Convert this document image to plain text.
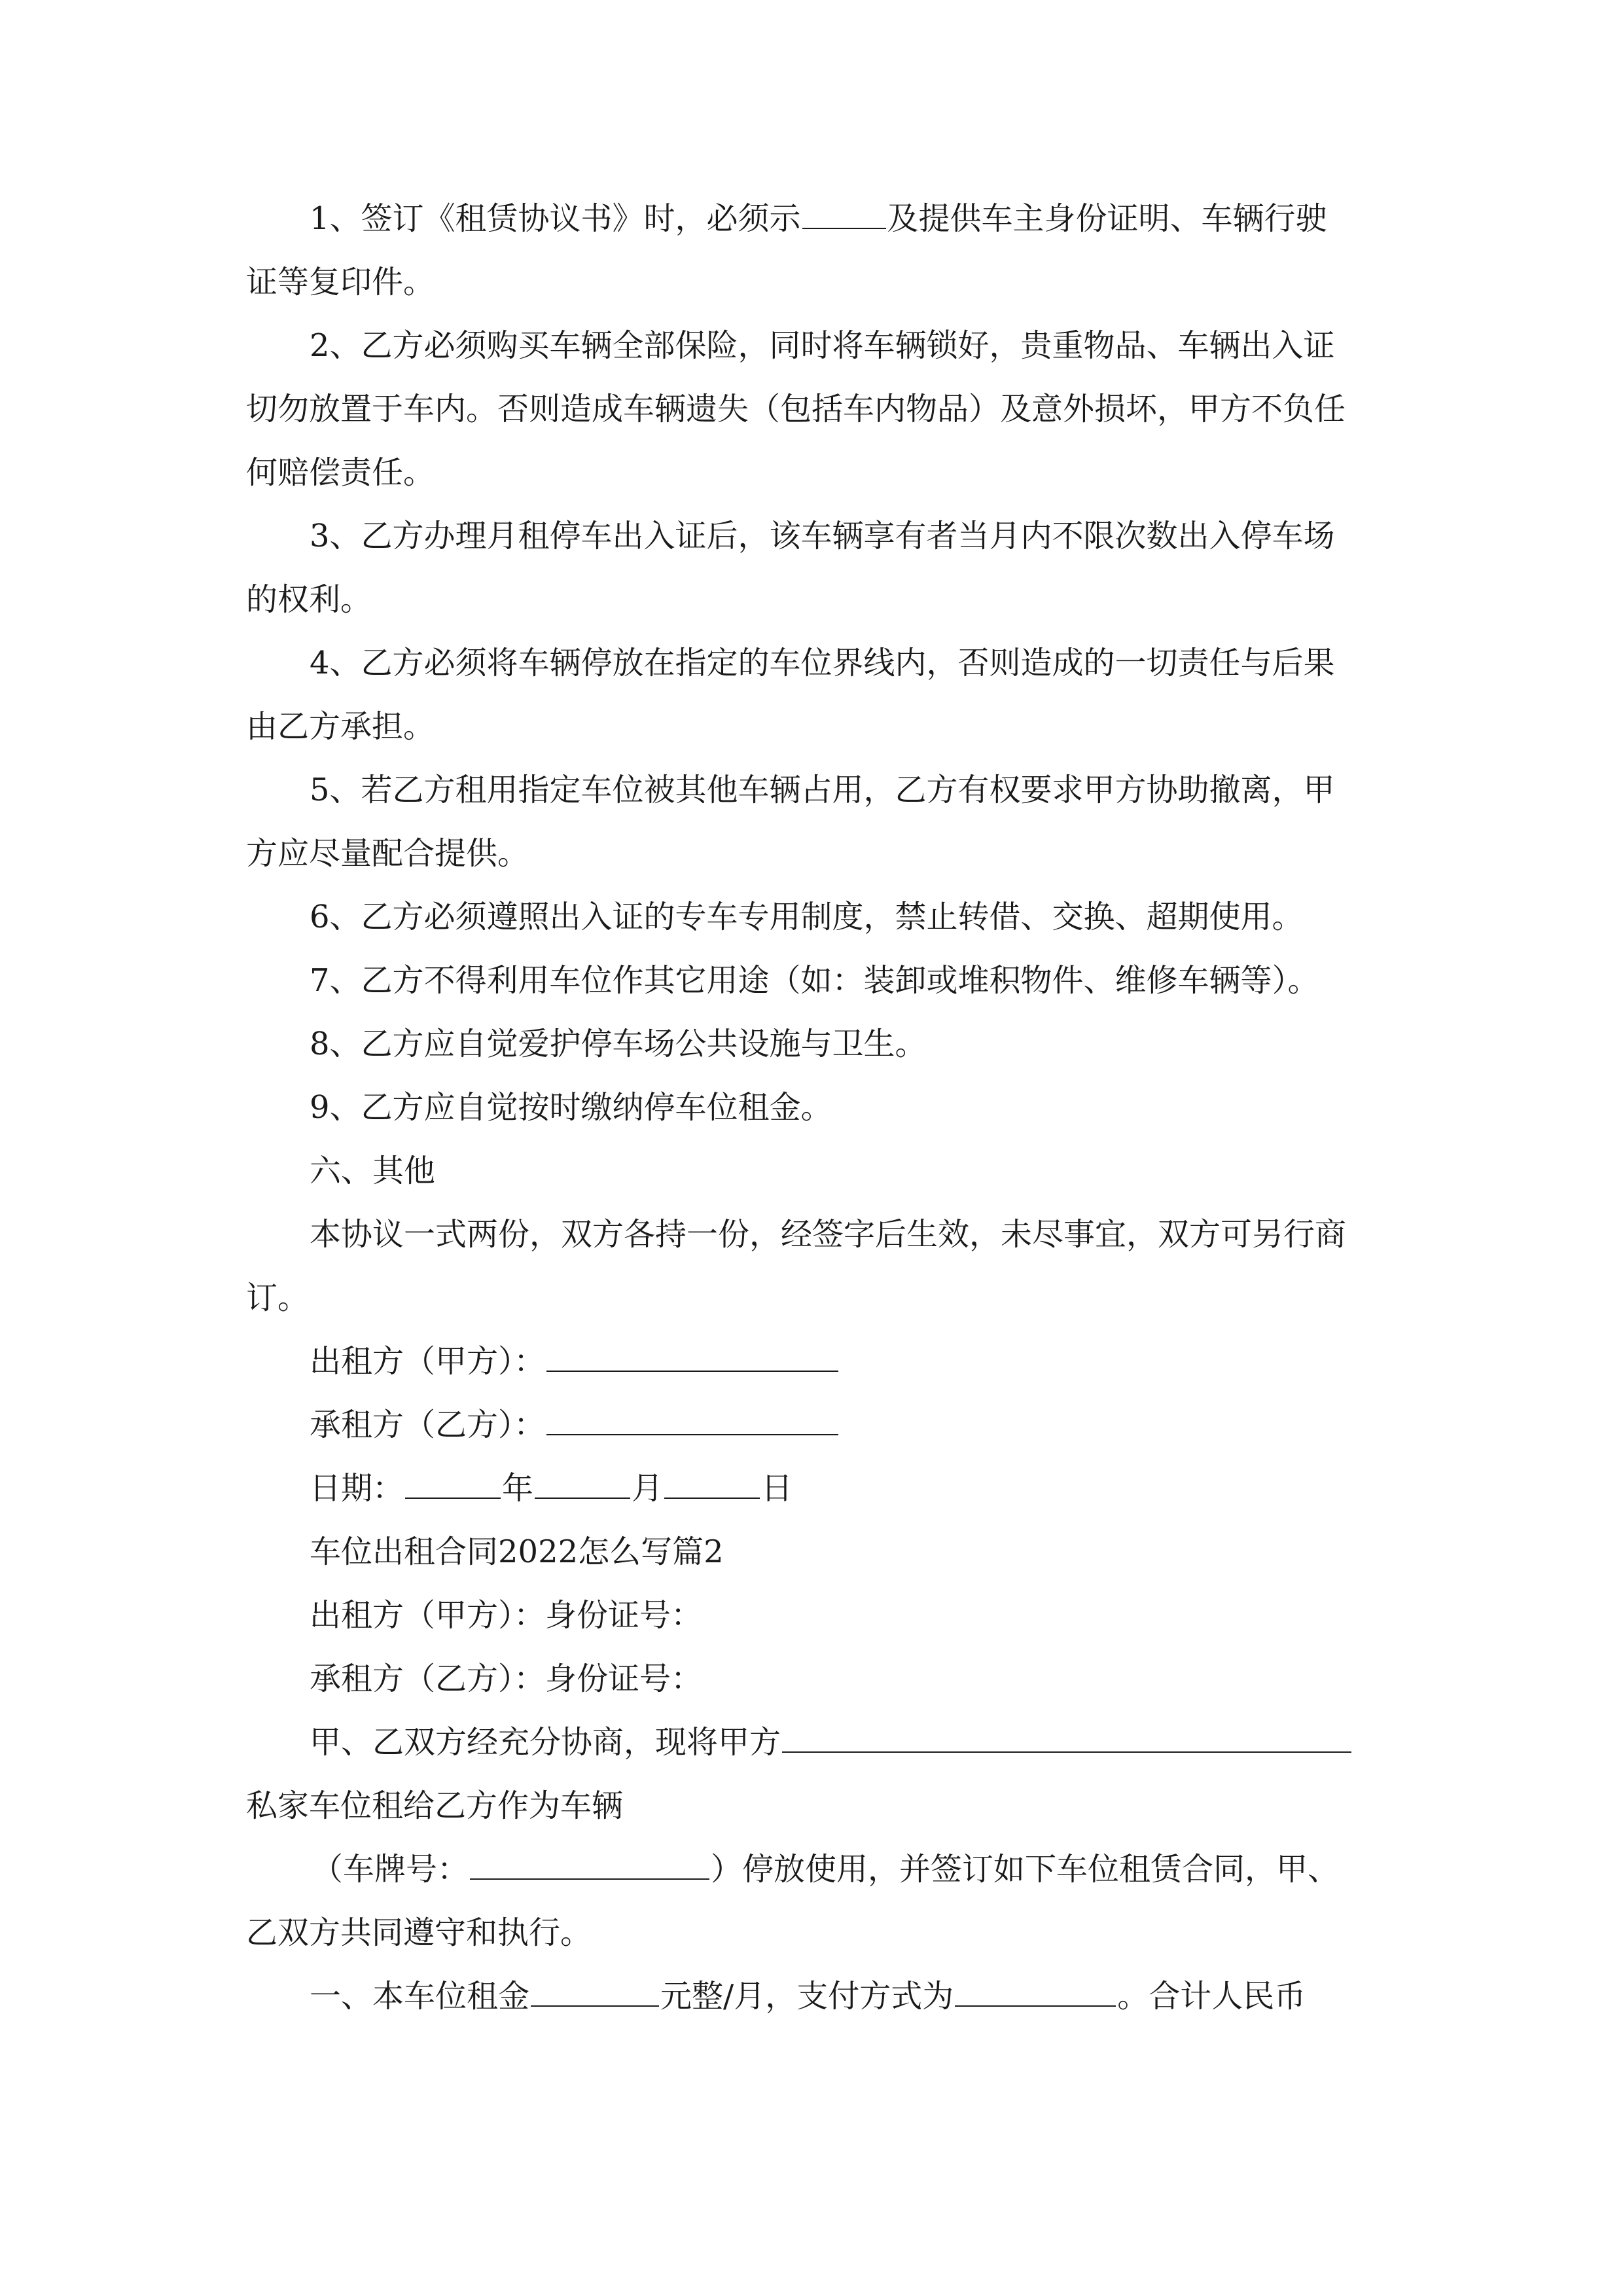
1、签订《租赁协议书》时，必须示	及提供车主身份证明、车辆行驶
证等复印件。
2、乙方必须购买车辆全部保险，同时将车辆锁好，贵重物品、车辆出入证
切勿放置于车内。否则造成车辆遗失（包括车内物品）及意外损坏，甲方不负任
何赔偿责任。
3、乙方办理月租停车出入证后，该车辆享有者当月内不限次数出入停车场
的权利。
4、乙方必须将车辆停放在指定的车位界线内，否则造成的一切责任与后果
由乙方承担。
5、若乙方租用指定车位被其他车辆占用，乙方有权要求甲方协助撤离，甲
方应尽量配合提供。
6、乙方必须遵照出入证的专车专用制度，禁止转借、交换、超期使用。
7、乙方不得利用车位作其它用途（如：装卸或堆积物件、维修车辆等）。
8、乙方应自觉爱护停车场公共设施与卫生。
9、乙方应自觉按时缴纳停车位租金。
六、其他
本协议一式两份，双方各持一份，经签字后生效，未尽事宜，双方可另行商
订。
出租方（甲方）：
承租方（乙方）：
日期：	年	月	日
车位出租合同2022怎么写篇2
出租方（甲方）：身份证号：
承租方（乙方）：身份证号：
甲、乙双方经充分协商，现将甲方
私家车位租给乙方作为车辆
（车牌号：	）停放使用，并签订如下车位租赁合同，甲、
乙双方共同遵守和执行。
一、本车位租金	元整/月，支付方式为	。合计人民币
